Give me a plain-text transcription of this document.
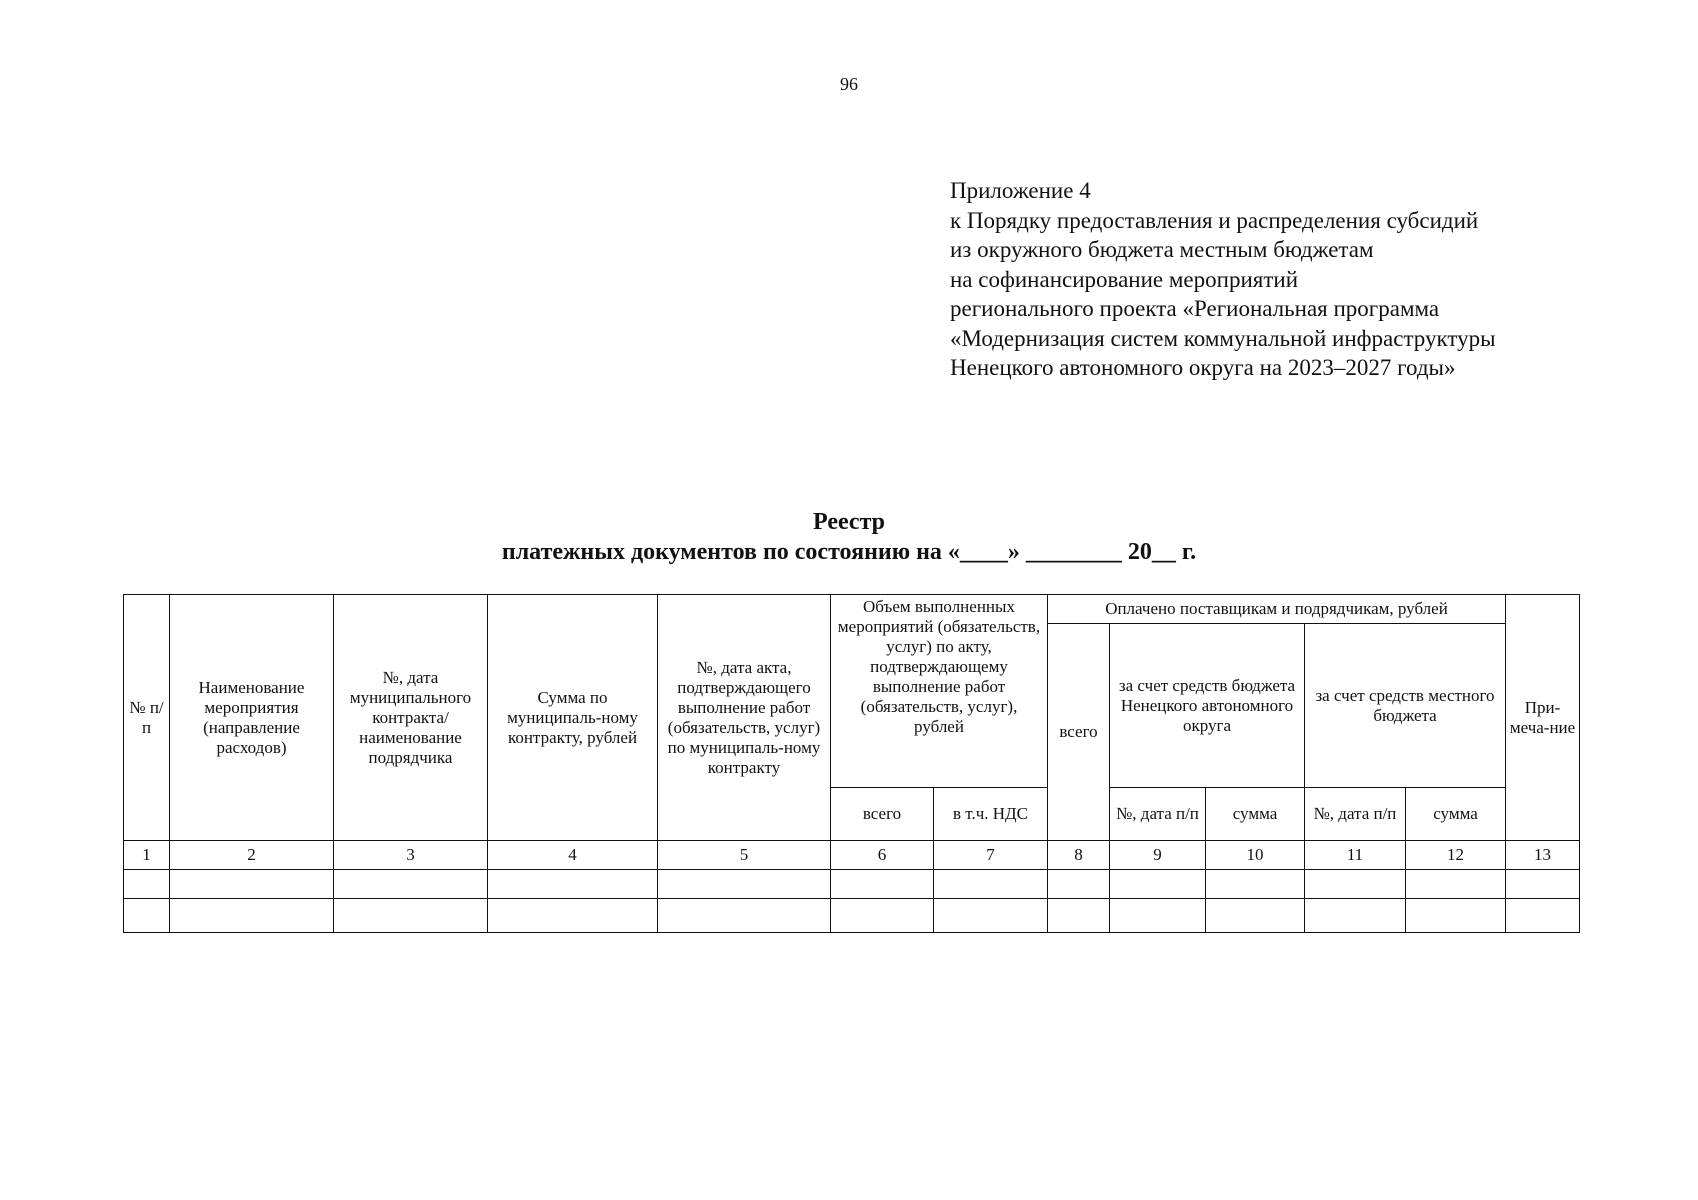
96
Приложение 4
к Порядку предоставления и распределения субсидий
из окружного бюджета местным бюджетам
на софинансирование мероприятий
регионального проекта «Региональная программа
«Модернизация систем коммунальной инфраструктуры
Ненецкого автономного округа на 2023–2027 годы»
Реестр
платежных документов по состоянию на «____» ________ 20__ г.
№ п/п	Наименование мероприятия (направление расходов)	№, дата муниципального контракта/ наименование подрядчика	Сумма по муниципаль-ному контракту, рублей	№, дата акта, подтверждающего выполнение работ (обязательств, услуг) по муниципаль-ному контракту	Объем выполненных мероприятий (обязательств, услуг) по акту, подтверждающему выполнение работ (обязательств, услуг), рублей		Оплачено поставщикам и подрядчикам, рублей					При-меча-ние
							всего	за счет средств бюджета Ненецкого автономного округа		за счет средств местного бюджета		
					всего	в т.ч. НДС		№, дата п/п	сумма	№, дата п/п	сумма	
1	2	3	4	5	6	7	8	9	10	11	12	13
